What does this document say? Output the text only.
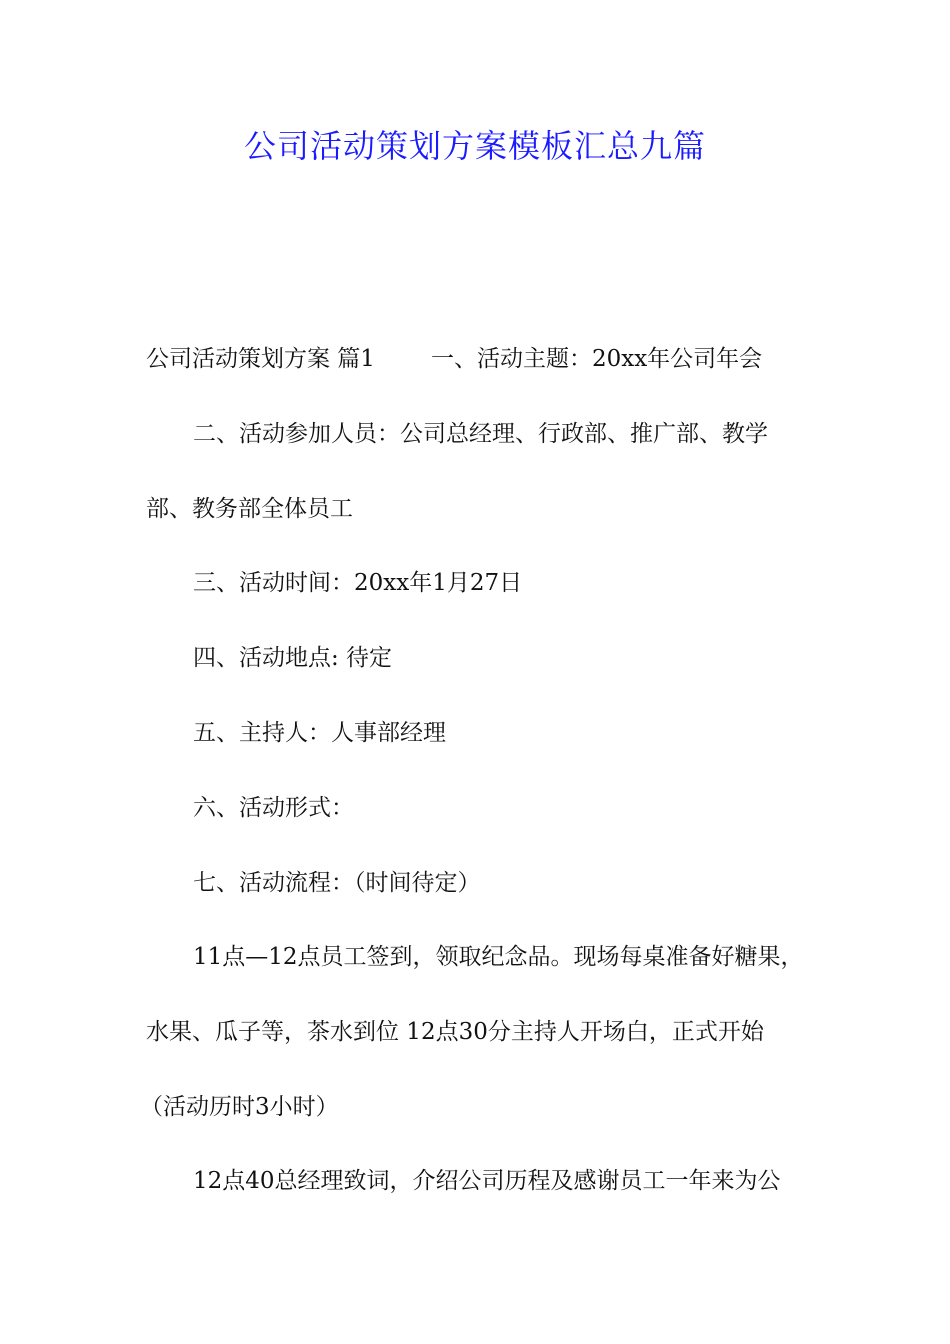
公司活动策划方案模板汇总九篇
公司活动策划方案 篇1 一、活动主题：20xx年公司年会
二、活动参加人员：公司总经理、行政部、推广部、教学
部、教务部全体员工
三、活动时间：20xx年1月27日
四、活动地点: 待定
五、主持人：人事部经理
六、活动形式：
七、活动流程：（时间待定）
11点—12点员工签到，领取纪念品。现场每桌准备好糖果，
水果、瓜子等，茶水到位 12点30分主持人开场白，正式开始
（活动历时3小时）
12点40总经理致词，介绍公司历程及感谢员工一年来为公
